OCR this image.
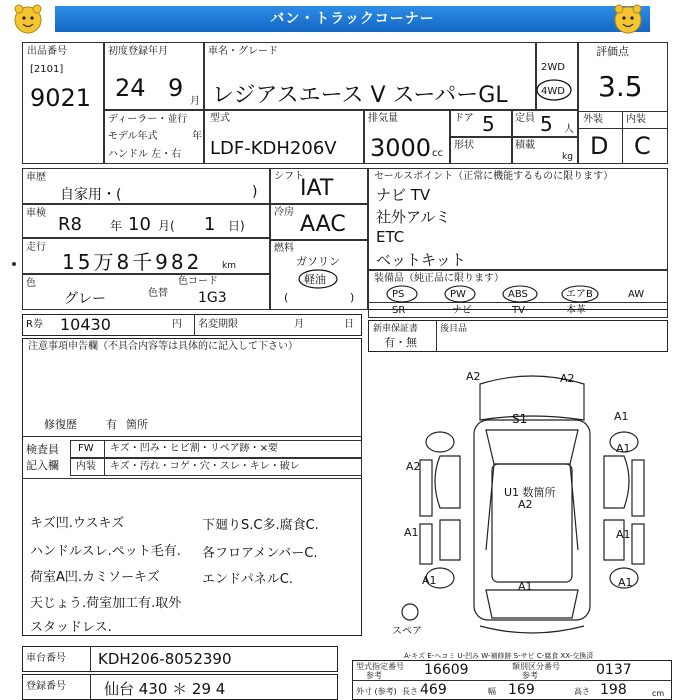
バン・トラックコーナー
出品番号
[2101]
9021
初度登録年月
24 9 月
車名・グレード
レジアスエース V スーパーGL
2WD
4WD
評価点
3.5
外装 内装
D C
ディーラー・並行
モデル年式	年
ハンドル 左・右
型式
LDF-KDH206V
排気量
3000 cc
ドア 5 定員 5 人
形状	積載
kg
車歴
自家用・(	)
車検
R8 年 10 月( 1 日)
走行
15万8千982 km
色
グレー	色替
色コード
1G3
シフト
IAT
冷房 AAC
燃料
ガソリン
軽油
(	)
セールスポイント（正常に機能するものに限ります）
ナビ TV
社外アルミ
ETC
ベットキット
装備品（純正品に限ります）
PS	PW	ABS	エアB	AW
SR	ナビ	TV	本革
R券 10430	円 名変期限	月	日 新車保証書
有・無
後目品
注意事項申告欄（不具合内容等は具体的に記入して下さい）
修復歴	有 箇所
検査員
記入欄
FW キズ・凹み・ヒビ割・リペア跡・×要
内装 キズ・汚れ・コゲ・穴・スレ・キレ・破レ
キズ凹.ウスキズ
ハンドルスレ.ペット毛有.
荷室A凹.カミソーキズ
天じょう.荷室加工有.取外
スタッドレス.
下廻りS.C多.腐食C.
各フロアメンバーC.
エンドパネルC.
A2	A2
S1	A1
A1
A2
U1 数箇所
A2
A1	A1
A1	A1	A1
スペア
A-キズ E-ヘコミ U-凹み W-補修跡 S-サビ C-腐食 XX-交換済
車台番号 KDH206-8052390
登録番号	仙台 430 ＊ 29 4
型式指定番号
参考	16609	類別区分番号
参考	0137
外寸 (参考) 長さ 469	幅 169	高さ 198	cm
